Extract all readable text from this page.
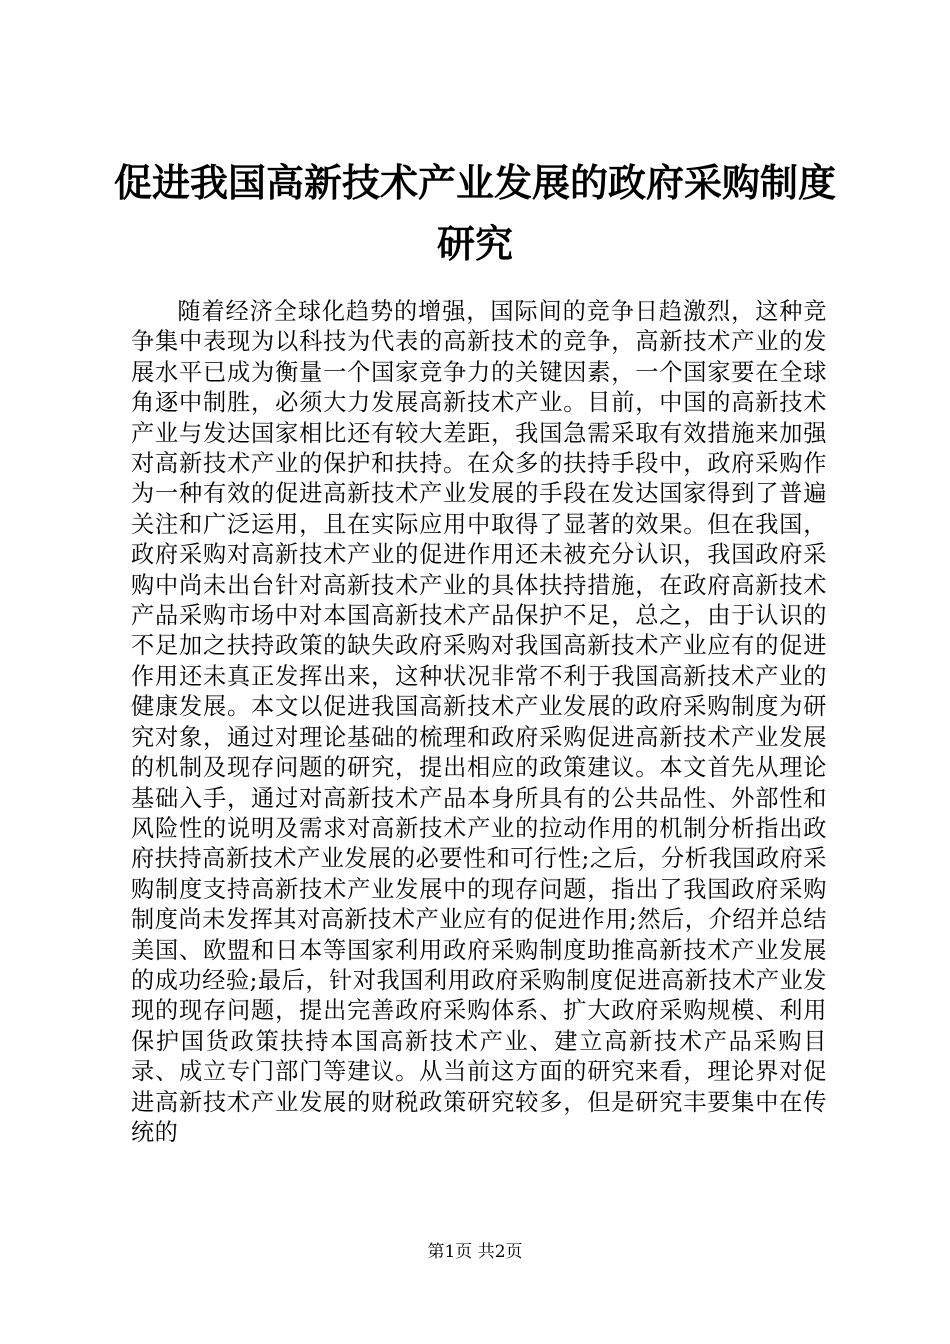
促进我国高新技术产业发展的政府采购制度研究

随着经济全球化趋势的增强，国际间的竞争日趋激烈，这种竞争集中表现为以科技为代表的高新技术的竞争，高新技术产业的发展水平已成为衡量一个国家竞争力的关键因素，一个国家要在全球角逐中制胜，必须大力发展高新技术产业。目前，中国的高新技术产业与发达国家相比还有较大差距，我国急需采取有效措施来加强对高新技术产业的保护和扶持。在众多的扶持手段中，政府采购作为一种有效的促进高新技术产业发展的手段在发达国家得到了普遍关注和广泛运用，且在实际应用中取得了显著的效果。但在我国，政府采购对高新技术产业的促进作用还未被充分认识，我国政府采购中尚未出台针对高新技术产业的具体扶持措施，在政府高新技术产品采购市场中对本国高新技术产品保护不足，总之，由于认识的不足加之扶持政策的缺失政府采购对我国高新技术产业应有的促进作用还未真正发挥出来，这种状况非常不利于我国高新技术产业的健康发展。本文以促进我国高新技术产业发展的政府采购制度为研究对象，通过对理论基础的梳理和政府采购促进高新技术产业发展的机制及现存问题的研究，提出相应的政策建议。本文首先从理论基础入手，通过对高新技术产品本身所具有的公共品性、外部性和风险性的说明及需求对高新技术产业的拉动作用的机制分析指出政府扶持高新技术产业发展的必要性和可行性;之后，分析我国政府采购制度支持高新技术产业发展中的现存问题，指出了我国政府采购制度尚未发挥其对高新技术产业应有的促进作用;然后，介绍并总结美国、欧盟和日本等国家利用政府采购制度助推高新技术产业发展的成功经验;最后，针对我国利用政府采购制度促进高新技术产业发现的现存问题，提出完善政府采购体系、扩大政府采购规模、利用保护国货政策扶持本国高新技术产业、建立高新技术产品采购目录、成立专门部门等建议。从当前这方面的研究来看，理论界对促进高新技术产业发展的财税政策研究较多，但是研究丰要集中在传统的

第1页 共2页
